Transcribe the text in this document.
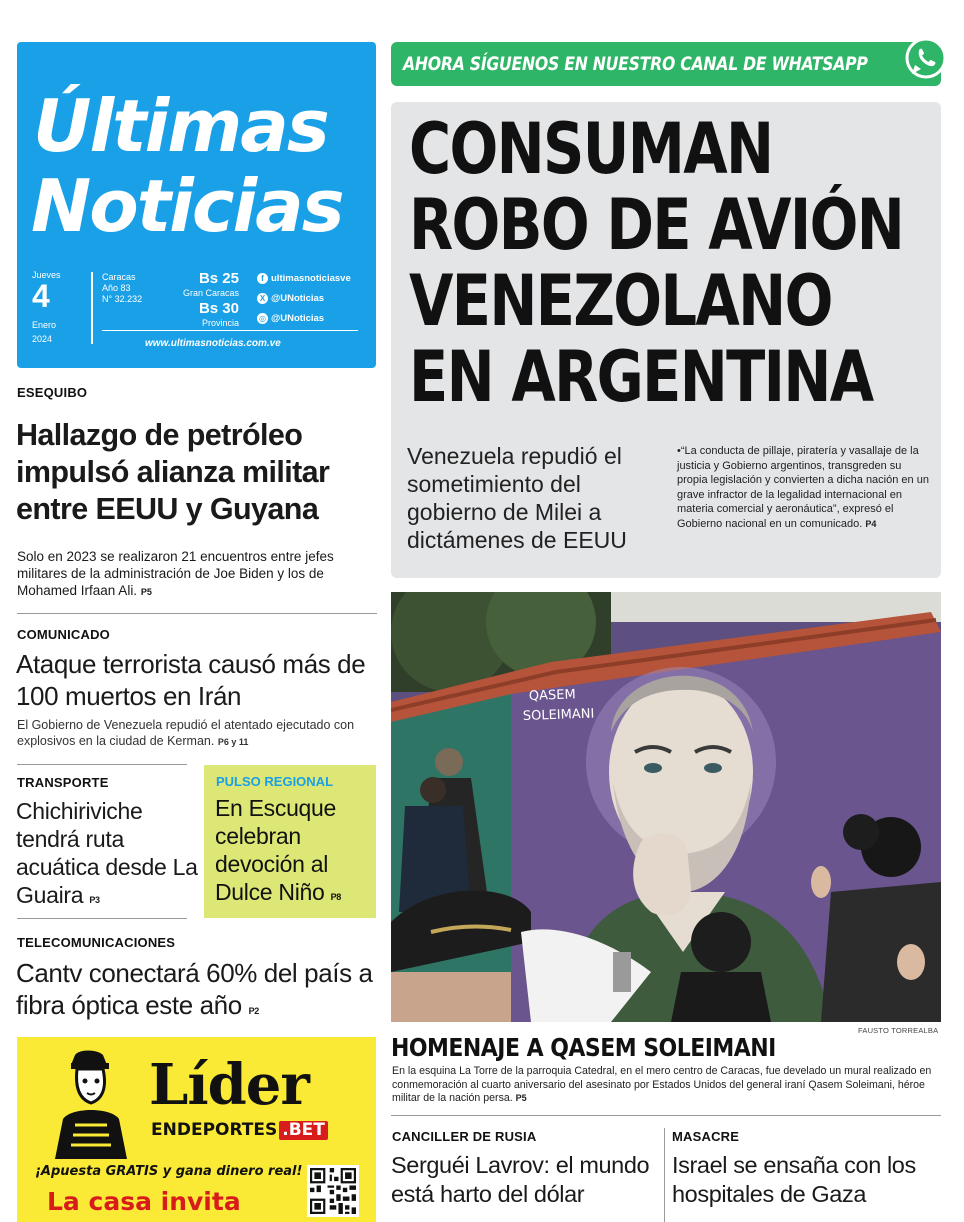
Últimas
Noticias
Jueves
4
Enero
2024
Caracas
Año 83
N° 32.232
Bs 25
Gran Caracas
Bs 30
Provincia
f ultimasnoticiasve
X @UNoticias
◎ @UNoticias
www.ultimasnoticias.com.ve
AHORA SÍGUENOS EN NUESTRO CANAL DE WHATSAPP
CONSUMAN
ROBO DE AVIÓN
VENEZOLANO
EN ARGENTINA
Venezuela repudió el sometimiento del gobierno de Milei a dictámenes de EEUU
•“La conducta de pillaje, piratería y vasallaje de la justicia y Gobierno argentinos, transgreden su propia legislación y convierten a dicha nación en un grave infractor de la legalidad internacional en materia comercial y aeronáutica”, expresó el Gobierno nacional en un comunicado. P4
ESEQUIBO
Hallazgo de petróleo impulsó alianza militar entre EEUU y Guyana
Solo en 2023 se realizaron 21 encuentros entre jefes militares de la administración de Joe Biden y los de Mohamed Irfaan Ali. P5
COMUNICADO
Ataque terrorista causó más de 100 muertos en Irán
El Gobierno de Venezuela repudió el atentado ejecutado con explosivos en la ciudad de Kerman. P6 y 11
TRANSPORTE
Chichiriviche tendrá ruta acuática desde La Guaira P3
PULSO REGIONAL
En Escuque celebran devoción al Dulce Niño P8
TELECOMUNICACIONES
Cantv conectará 60% del país a fibra óptica este año P2
Líder
ENDEPORTES .BET
¡Apuesta GRATIS y gana dinero real!
La casa invita
QASEM
SOLEIMANI
FAUSTO TORREALBA
HOMENAJE A QASEM SOLEIMANI
En la esquina La Torre de la parroquia Catedral, en el mero centro de Caracas, fue develado un mural realizado en conmemoración al cuarto aniversario del asesinato por Estados Unidos del general iraní Qasem Soleimani, héroe militar de la nación persa. P5
CANCILLER DE RUSIA
Serguéi Lavrov: el mundo está harto del dólar
MASACRE
Israel se ensaña con los hospitales de Gaza
